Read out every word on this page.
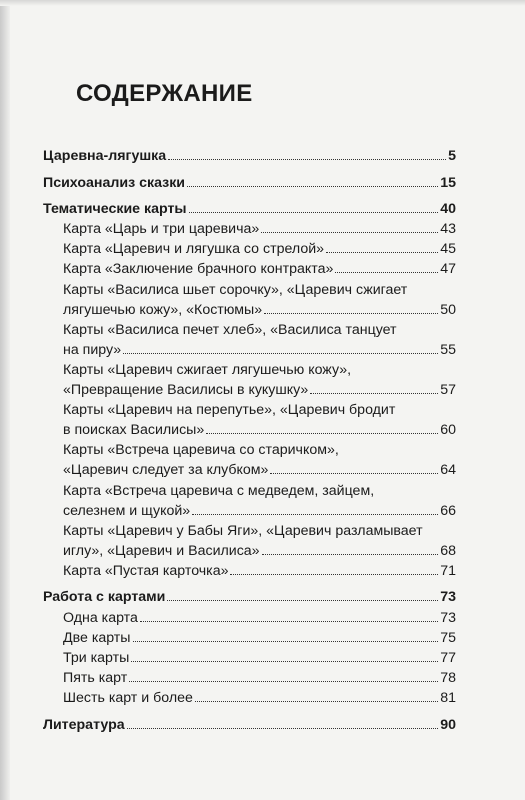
СОДЕРЖАНИЕ
Царевна-лягушка	5
Психоанализ сказки	15
Тематические карты	40
Карта «Царь и три царевича»	43
Карта «Царевич и лягушка со стрелой»	45
Карта «Заключение брачного контракта»	47
Карты «Василиса шьет сорочку», «Царевич сжигает
лягушечью кожу», «Костюмы»	50
Карты «Василиса печет хлеб», «Василиса танцует
на пиру»	55
Карты «Царевич сжигает лягушечью кожу»,
«Превращение Василисы в кукушку»	57
Карты «Царевич на перепутье», «Царевич бродит
в поисках Василисы»	60
Карты «Встреча царевича со старичком»,
«Царевич следует за клубком»	64
Карта «Встреча царевича с медведем, зайцем,
селезнем и щукой»	66
Карты «Царевич у Бабы Яги», «Царевич разламывает
иглу», «Царевич и Василиса»	68
Карта «Пустая карточка»	71
Работа с картами	73
Одна карта	73
Две карты	75
Три карты	77
Пять карт	78
Шесть карт и более	81
Литература	90
